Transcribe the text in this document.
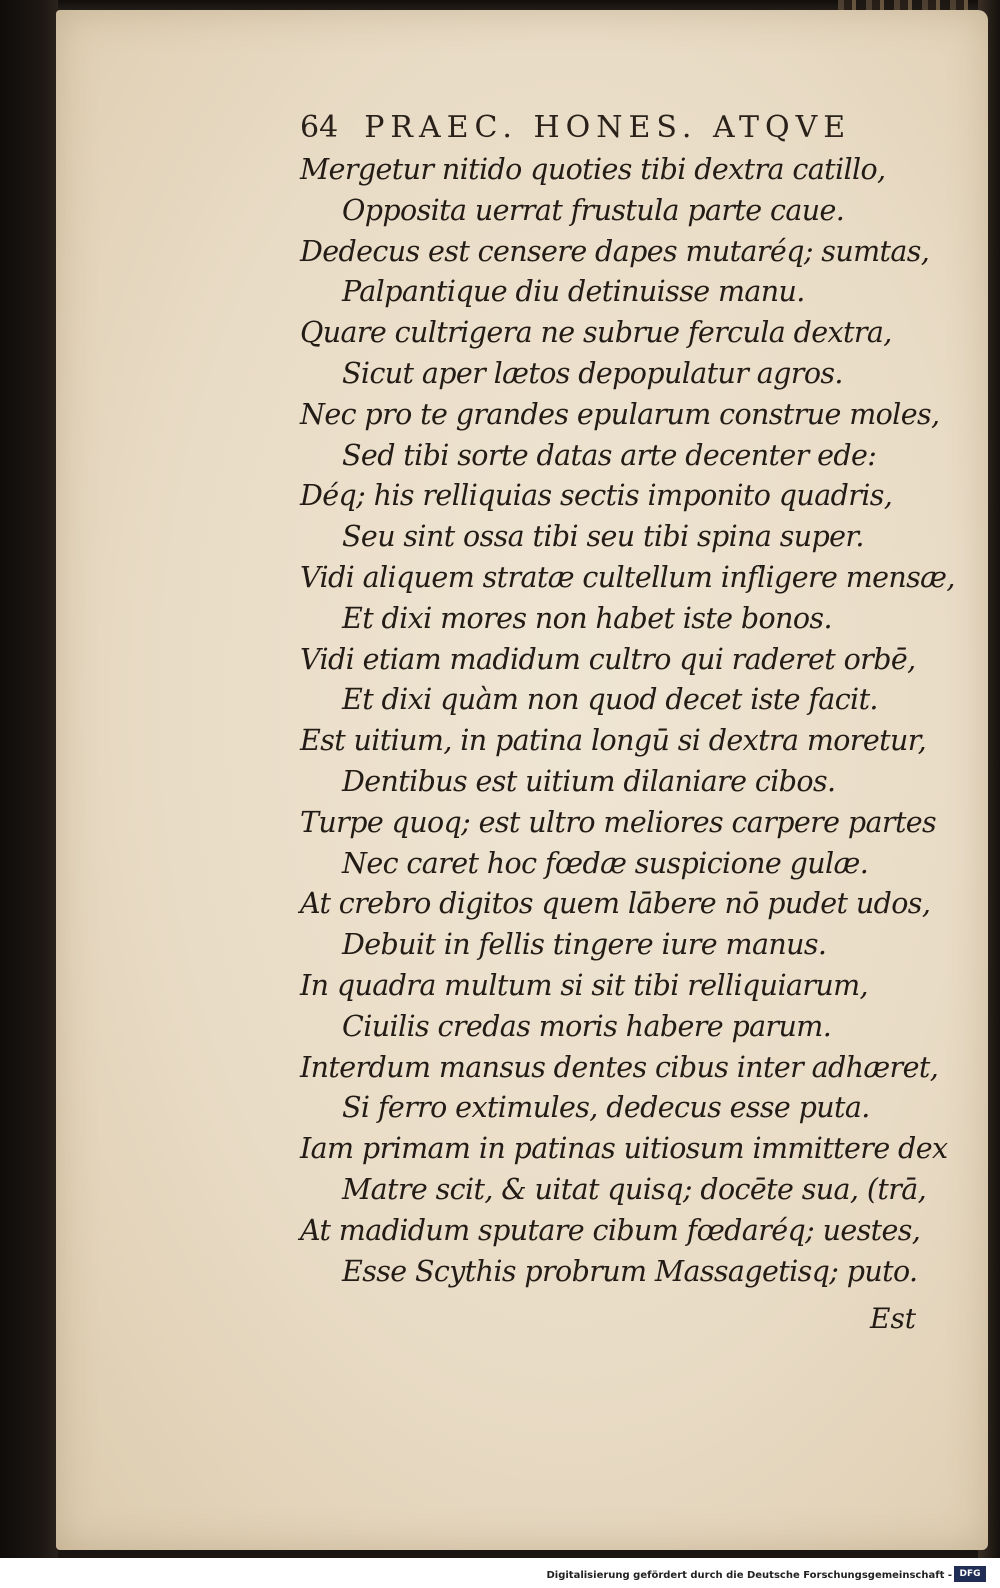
64 PRAEC. HONES. ATQVE
Mergetur nitido quoties tibi dextra catillo,
Opposita uerrat frustula parte caue.
Dedecus est censere dapes mutaréq; sumtas,
Palpantique diu detinuisse manu.
Quare cultrigera ne subrue fercula dextra,
Sicut aper lætos depopulatur agros.
Nec pro te grandes epularum construe moles,
Sed tibi sorte datas arte decenter ede:
Déq; his relliquias sectis imponito quadris,
Seu sint ossa tibi seu tibi spina super.
Vidi aliquem stratæ cultellum infligere mensæ,
Et dixi mores non habet iste bonos.
Vidi etiam madidum cultro qui raderet orbē,
Et dixi quàm non quod decet iste facit.
Est uitium, in patina longū si dextra moretur,
Dentibus est uitium dilaniare cibos.
Turpe quoq; est ultro meliores carpere partes
Nec caret hoc fœdæ suspicione gulæ.
At crebro digitos quem lābere nō pudet udos,
Debuit in fellis tingere iure manus.
In quadra multum si sit tibi relliquiarum,
Ciuilis credas moris habere parum.
Interdum mansus dentes cibus inter adhæret,
Si ferro extimules, dedecus esse puta.
Iam primam in patinas uitiosum immittere dex
Matre scit, & uitat quisq; docēte sua, (trā,
At madidum sputare cibum fœdaréq; uestes,
Esse Scythis probrum Massagetisq; puto.
Est
Digitalisierung gefördert durch die Deutsche Forschungsgemeinschaft - DFG
